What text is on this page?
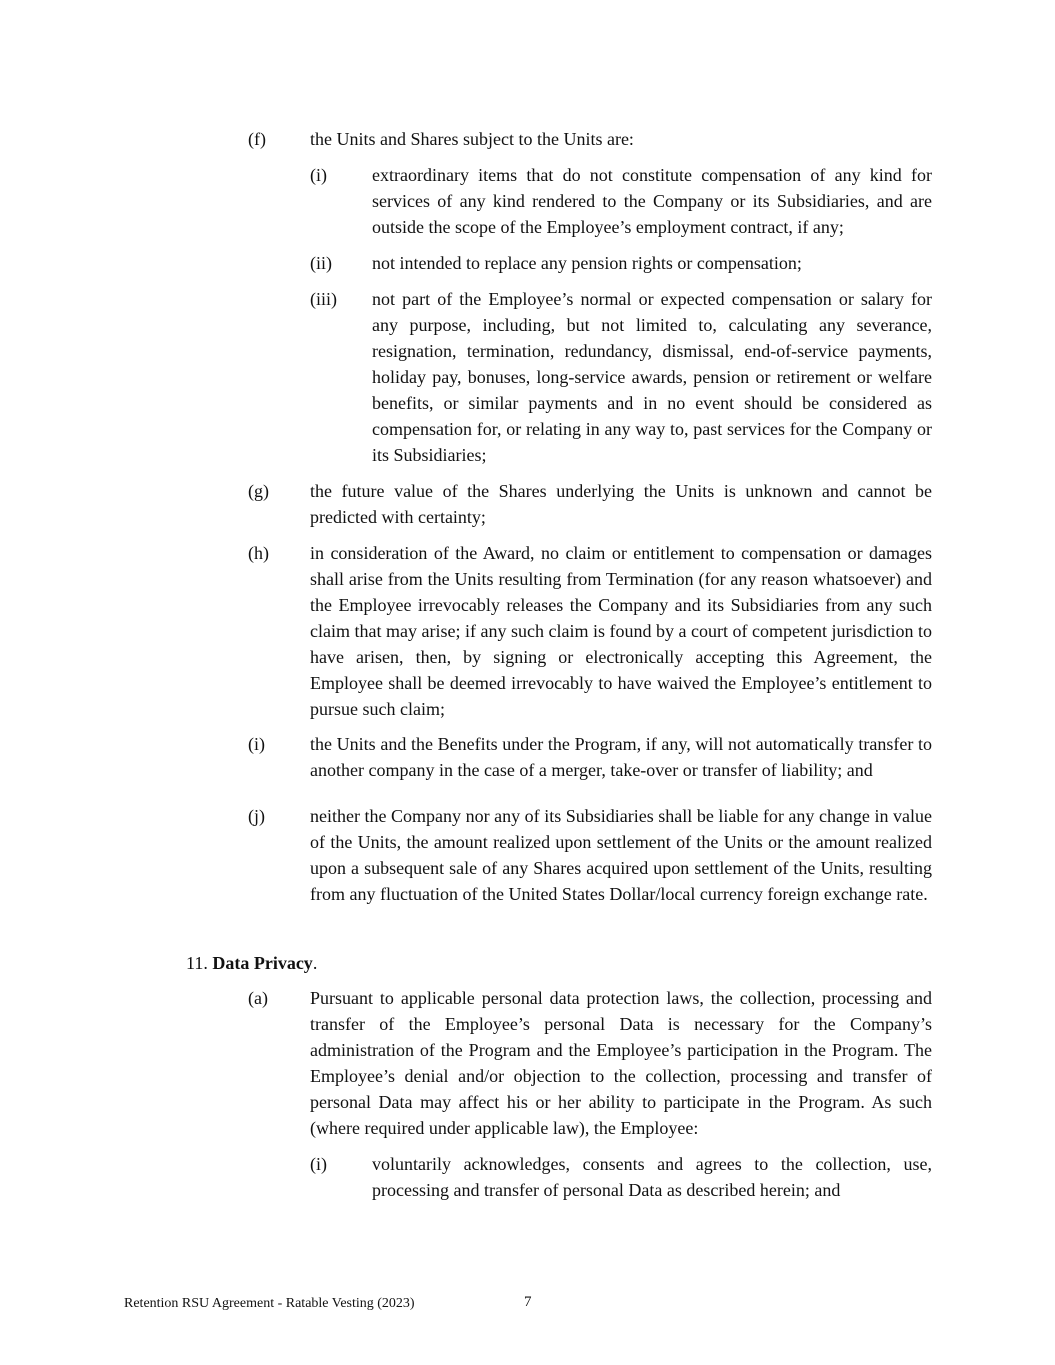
(f) the Units and Shares subject to the Units are:
(i)	extraordinary items that do not constitute compensation of any kind for services of any kind rendered to the Company or its Subsidiaries, and are outside the scope of the Employee’s employment contract, if any;
(ii) not intended to replace any pension rights or compensation;
(iii) not part of the Employee’s normal or expected compensation or salary for any purpose, including, but not limited to, calculating any severance, resignation, termination, redundancy, dismissal, end-of-service payments, holiday pay, bonuses, long-service awards, pension or retirement or welfare benefits, or similar payments and in no event should be considered as compensation for, or relating in any way to, past services for the Company or its Subsidiaries;
(g) the future value of the Shares underlying the Units is unknown and cannot be predicted with certainty;
(h) in consideration of the Award, no claim or entitlement to compensation or damages shall arise from the Units resulting from Termination (for any reason whatsoever) and the Employee irrevocably releases the Company and its Subsidiaries from any such claim that may arise; if any such claim is found by a court of competent jurisdiction to have arisen, then, by signing or electronically accepting this Agreement, the Employee shall be deemed irrevocably to have waived the Employee’s entitlement to pursue such claim;
(i)	the Units and the Benefits under the Program, if any, will not automatically transfer to another company in the case of a merger, take-over or transfer of liability; and
(j)	neither the Company nor any of its Subsidiaries shall be liable for any change in value of the Units, the amount realized upon settlement of the Units or the amount realized upon a subsequent sale of any Shares acquired upon settlement of the Units, resulting from any fluctuation of the United States Dollar/local currency foreign exchange rate.
11. Data Privacy.
(a) Pursuant to applicable personal data protection laws, the collection, processing and transfer of the Employee’s personal Data is necessary for the Company’s administration of the Program and the Employee’s participation in the Program. The Employee’s denial and/or objection to the collection, processing and transfer of personal Data may affect his or her ability to participate in the Program. As such (where required under applicable law), the Employee:
(i)	voluntarily acknowledges, consents and agrees to the collection, use, processing and transfer of personal Data as described herein; and
Retention RSU Agreement - Ratable Vesting (2023)	7
